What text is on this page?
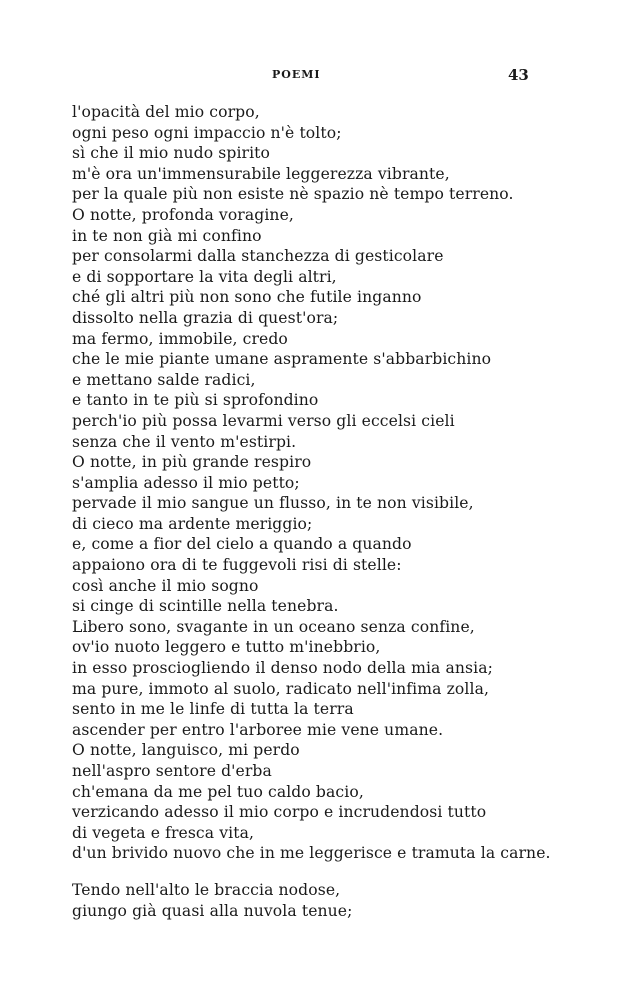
POEMI	43
l'opacità del mio corpo,
ogni peso ogni impaccio n'è tolto;
sì che il mio nudo spirito
m'è ora un'immensurabile leggerezza vibrante,
per la quale più non esiste nè spazio nè tempo terreno.
O notte, profonda voragine,
in te non già mi confino
per consolarmi dalla stanchezza di gesticolare
e di sopportare la vita degli altri,
ché gli altri più non sono che futile inganno
dissolto nella grazia di quest'ora;
ma fermo, immobile, credo
che le mie piante umane aspramente s'abbarbichino
e mettano salde radici,
e tanto in te più si sprofondino
perch'io più possa levarmi verso gli eccelsi cieli
senza che il vento m'estirpi.
O notte, in più grande respiro
s'amplia adesso il mio petto;
pervade il mio sangue un flusso, in te non visibile,
di cieco ma ardente meriggio;
e, come a fior del cielo a quando a quando
appaiono ora di te fuggevoli risi di stelle:
così anche il mio sogno
si cinge di scintille nella tenebra.
Libero sono, svagante in un oceano senza confine,
ov'io nuoto leggero e tutto m'inebbrio,
in esso prosciogliendo il denso nodo della mia ansia;
ma pure, immoto al suolo, radicato nell'infima zolla,
sento in me le linfe di tutta la terra
ascender per entro l'arboree mie vene umane.
O notte, languisco, mi perdo
nell'aspro sentore d'erba
ch'emana da me pel tuo caldo bacio,
verzicando adesso il mio corpo e incrudendosi tutto
di vegeta e fresca vita,
d'un brivido nuovo che in me leggerisce e tramuta la carne.
Tendo nell'alto le braccia nodose,
giungo già quasi alla nuvola tenue;
